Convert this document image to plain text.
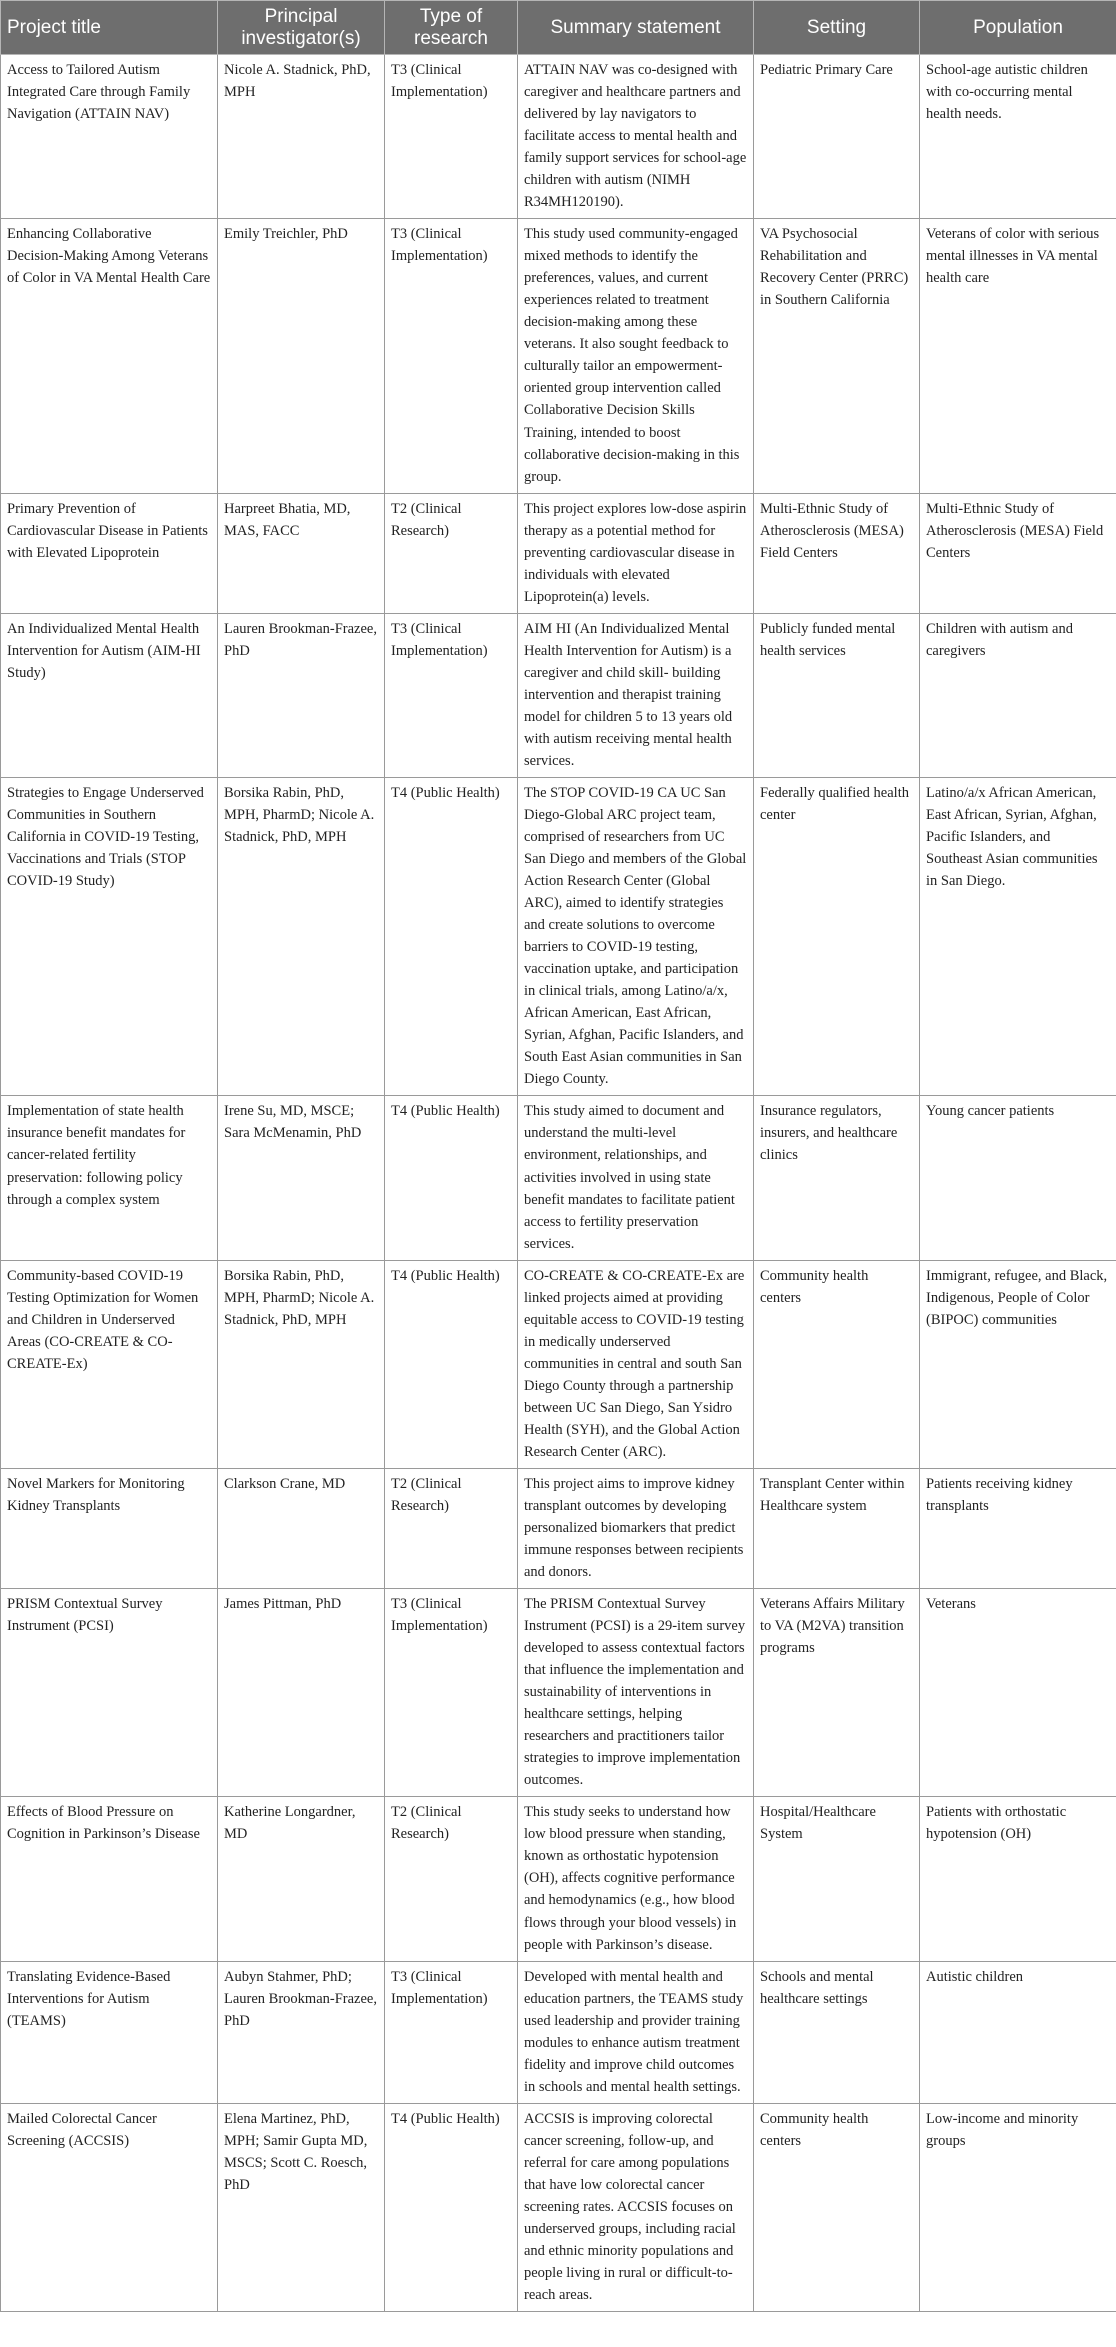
Project title	Principal investigator(s)	Type of research	Summary statement	Setting	Population
Access to Tailored Autism Integrated Care through Family Navigation (ATTAIN NAV)	Nicole A. Stadnick, PhD, MPH	T3 (Clinical Implementation)	ATTAIN NAV was co-designed with caregiver and healthcare partners and delivered by lay navigators to facilitate access to mental health and family support services for school-age children with autism (NIMH R34MH120190).	Pediatric Primary Care	School-age autistic children with co-occurring mental health needs.
Enhancing Collaborative Decision-Making Among Veterans of Color in VA Mental Health Care	Emily Treichler, PhD	T3 (Clinical Implementation)	This study used community-engaged mixed methods to identify the preferences, values, and current experiences related to treatment decision-making among these veterans. It also sought feedback to culturally tailor an empowerment-oriented group intervention called Collaborative Decision Skills Training, intended to boost collaborative decision-making in this group.	VA Psychosocial Rehabilitation and Recovery Center (PRRC) in Southern California	Veterans of color with serious mental illnesses in VA mental health care
Primary Prevention of Cardiovascular Disease in Patients with Elevated Lipoprotein	Harpreet Bhatia, MD, MAS, FACC	T2 (Clinical Research)	This project explores low-dose aspirin therapy as a potential method for preventing cardiovascular disease in individuals with elevated Lipoprotein(a) levels.	Multi-Ethnic Study of Atherosclerosis (MESA) Field Centers	Multi-Ethnic Study of Atherosclerosis (MESA) Field Centers
An Individualized Mental Health Intervention for Autism (AIM-HI Study)	Lauren Brookman-Frazee, PhD	T3 (Clinical Implementation)	AIM HI (An Individualized Mental Health Intervention for Autism) is a caregiver and child skill- building intervention and therapist training model for children 5 to 13 years old with autism receiving mental health services.	Publicly funded mental health services	Children with autism and caregivers
Strategies to Engage Underserved Communities in Southern California in COVID-19 Testing, Vaccinations and Trials (STOP COVID-19 Study)	Borsika Rabin, PhD, MPH, PharmD; Nicole A. Stadnick, PhD, MPH	T4 (Public Health)	The STOP COVID-19 CA UC San Diego-Global ARC project team, comprised of researchers from UC San Diego and members of the Global Action Research Center (Global ARC), aimed to identify strategies and create solutions to overcome barriers to COVID-19 testing, vaccination uptake, and participation in clinical trials, among Latino/a/x, African American, East African, Syrian, Afghan, Pacific Islanders, and South East Asian communities in San Diego County.	Federally qualified health center	Latino/a/x African American, East African, Syrian, Afghan, Pacific Islanders, and Southeast Asian communities in San Diego.
Implementation of state health insurance benefit mandates for cancer-related fertility preservation: following policy through a complex system	Irene Su, MD, MSCE; Sara McMenamin, PhD	T4 (Public Health)	This study aimed to document and understand the multi-level environment, relationships, and activities involved in using state benefit mandates to facilitate patient access to fertility preservation services.	Insurance regulators, insurers, and healthcare clinics	Young cancer patients
Community-based COVID-19 Testing Optimization for Women and Children in Underserved Areas (CO-CREATE & CO-CREATE-Ex)	Borsika Rabin, PhD, MPH, PharmD; Nicole A. Stadnick, PhD, MPH	T4 (Public Health)	CO-CREATE & CO-CREATE-Ex are linked projects aimed at providing equitable access to COVID-19 testing in medically underserved communities in central and south San Diego County through a partnership between UC San Diego, San Ysidro Health (SYH), and the Global Action Research Center (ARC).	Community health centers	Immigrant, refugee, and Black, Indigenous, People of Color (BIPOC) communities
Novel Markers for Monitoring Kidney Transplants	Clarkson Crane, MD	T2 (Clinical Research)	This project aims to improve kidney transplant outcomes by developing personalized biomarkers that predict immune responses between recipients and donors.	Transplant Center within Healthcare system	Patients receiving kidney transplants
PRISM Contextual Survey Instrument (PCSI)	James Pittman, PhD	T3 (Clinical Implementation)	The PRISM Contextual Survey Instrument (PCSI) is a 29-item survey developed to assess contextual factors that influence the implementation and sustainability of interventions in healthcare settings, helping researchers and practitioners tailor strategies to improve implementation outcomes.	Veterans Affairs Military to VA (M2VA) transition programs	Veterans
Effects of Blood Pressure on Cognition in Parkinson’s Disease	Katherine Longardner, MD	T2 (Clinical Research)	This study seeks to understand how low blood pressure when standing, known as orthostatic hypotension (OH), affects cognitive performance and hemodynamics (e.g., how blood flows through your blood vessels) in people with Parkinson’s disease.	Hospital/Healthcare System	Patients with orthostatic hypotension (OH)
Translating Evidence-Based Interventions for Autism (TEAMS)	Aubyn Stahmer, PhD; Lauren Brookman-Frazee, PhD	T3 (Clinical Implementation)	Developed with mental health and education partners, the TEAMS study used leadership and provider training modules to enhance autism treatment fidelity and improve child outcomes in schools and mental health settings.	Schools and mental healthcare settings	Autistic children
Mailed Colorectal Cancer Screening (ACCSIS)	Elena Martinez, PhD, MPH; Samir Gupta MD, MSCS; Scott C. Roesch, PhD	T4 (Public Health)	ACCSIS is improving colorectal cancer screening, follow-up, and referral for care among populations that have low colorectal cancer screening rates. ACCSIS focuses on underserved groups, including racial and ethnic minority populations and people living in rural or difficult-to-reach areas.	Community health centers	Low-income and minority groups
